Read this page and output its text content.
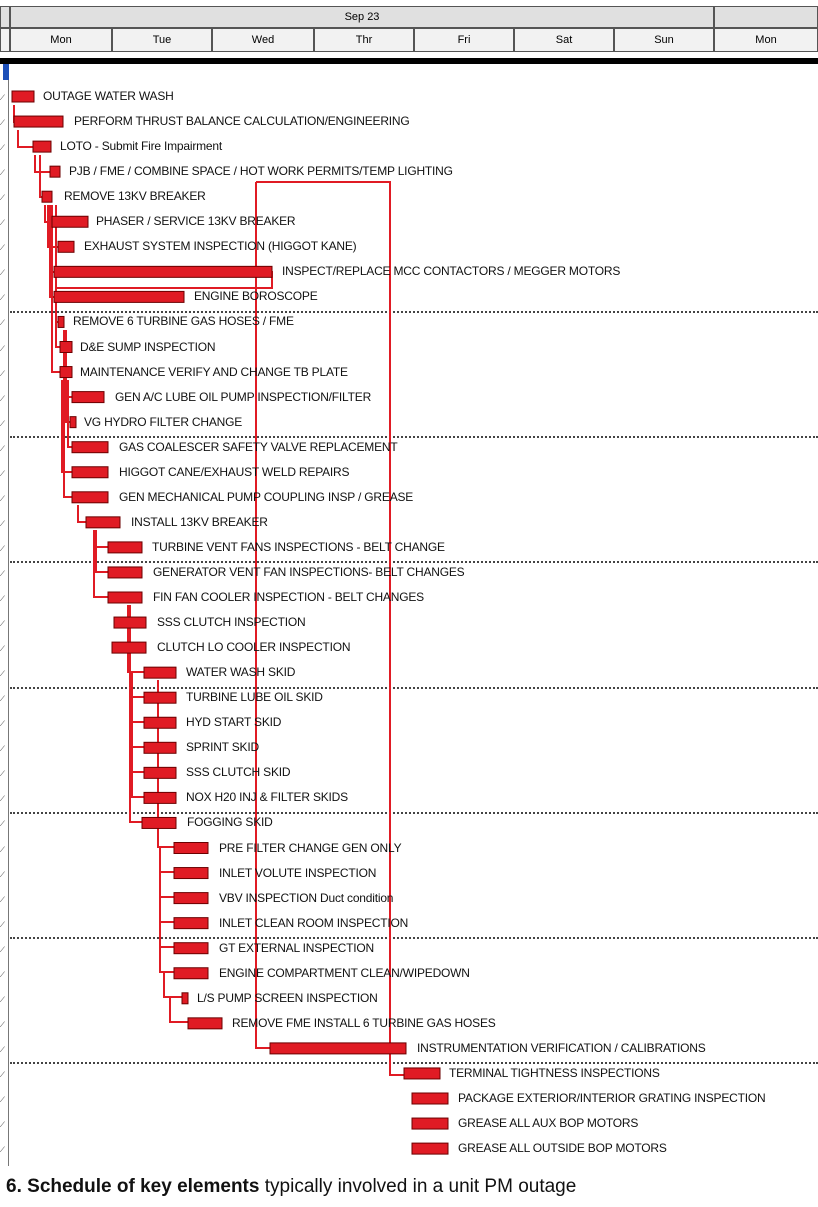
Sep 23
Mon	Tue	Wed	Thr	Fri	Sat	Sun	Mon
∕
∕
∕
∕
∕
∕
∕
∕
∕
∕
∕
∕
∕
∕
∕
∕
∕
∕
∕
∕
∕
∕
∕
∕
∕
∕
∕
∕
∕
∕
∕
∕
∕
∕
∕
∕
∕
∕
∕
∕
∕
∕
∕
OUTAGE WATER WASH
PERFORM THRUST BALANCE CALCULATION/ENGINEERING
LOTO - Submit Fire Impairment
PJB / FME / COMBINE SPACE / HOT WORK PERMITS/TEMP LIGHTING
REMOVE 13KV BREAKER
PHASER / SERVICE 13KV BREAKER
EXHAUST SYSTEM INSPECTION (HIGGOT KANE)
INSPECT/REPLACE MCC CONTACTORS / MEGGER MOTORS
ENGINE BOROSCOPE
REMOVE 6 TURBINE GAS HOSES / FME
D&E SUMP INSPECTION
MAINTENANCE VERIFY AND CHANGE TB PLATE
GEN A/C LUBE OIL PUMP INSPECTION/FILTER
VG HYDRO FILTER CHANGE
GAS COALESCER SAFETY VALVE REPLACEMENT
HIGGOT CANE/EXHAUST WELD REPAIRS
GEN MECHANICAL PUMP COUPLING INSP / GREASE
INSTALL 13KV BREAKER
TURBINE VENT FANS INSPECTIONS - BELT CHANGE
GENERATOR VENT FAN INSPECTIONS- BELT CHANGES
FIN FAN COOLER INSPECTION - BELT CHANGES
SSS CLUTCH INSPECTION
CLUTCH LO COOLER INSPECTION
WATER WASH SKID
TURBINE LUBE OIL SKID
HYD START SKID
SPRINT SKID
SSS CLUTCH SKID
NOX H20 INJ & FILTER SKIDS
FOGGING SKID
PRE FILTER CHANGE GEN ONLY
INLET VOLUTE INSPECTION
VBV INSPECTION Duct condition
INLET CLEAN ROOM INSPECTION
GT EXTERNAL INSPECTION
ENGINE COMPARTMENT CLEAN/WIPEDOWN
L/S PUMP SCREEN INSPECTION
REMOVE FME INSTALL 6 TURBINE GAS HOSES
INSTRUMENTATION VERIFICATION / CALIBRATIONS
TERMINAL TIGHTNESS INSPECTIONS
PACKAGE EXTERIOR/INTERIOR GRATING INSPECTION
GREASE ALL AUX BOP MOTORS
GREASE ALL OUTSIDE BOP MOTORS
6. Schedule of key elements typically involved in a unit PM outage
